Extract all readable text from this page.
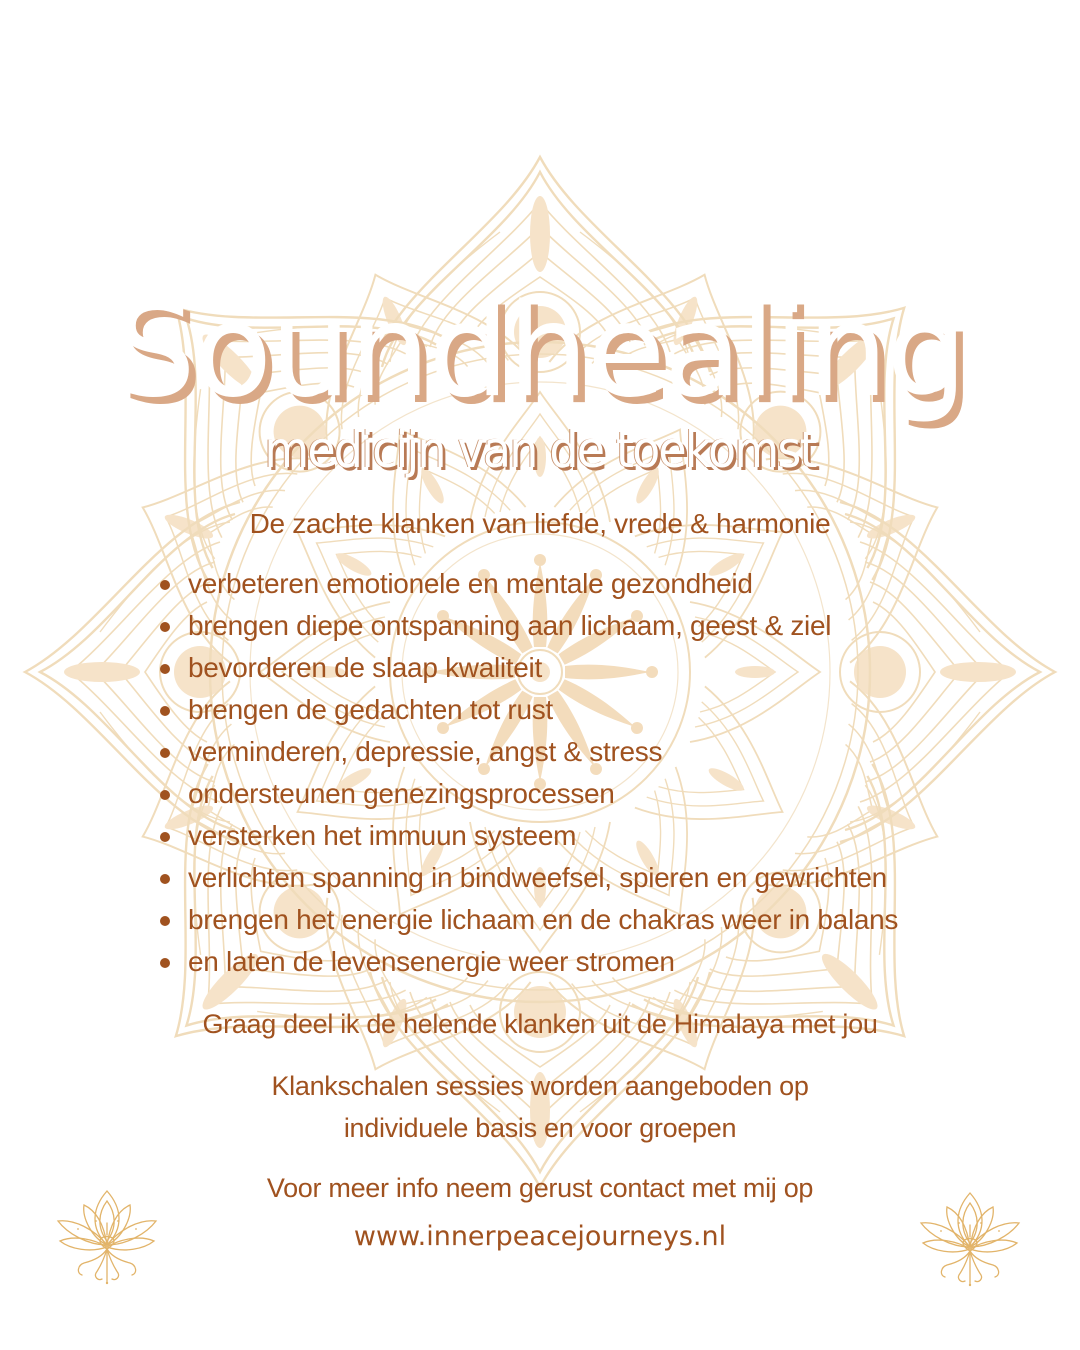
Soundhealing
medicijn van de toekomst
De zachte klanken van liefde, vrede & harmonie
verbeteren emotionele en mentale gezondheid
brengen diepe ontspanning aan lichaam, geest & ziel
bevorderen de slaap kwaliteit
brengen de gedachten tot rust
verminderen, depressie, angst & stress
ondersteunen genezingsprocessen
versterken het immuun systeem
verlichten spanning in bindweefsel, spieren en gewrichten
brengen het energie lichaam en de chakras weer in balans
en laten de levensenergie weer stromen
Graag deel ik de helende klanken uit de Himalaya met jou
Klankschalen sessies worden aangeboden op
individuele basis en voor groepen
Voor meer info neem gerust contact met mij op
www.innerpeacejourneys.nl
